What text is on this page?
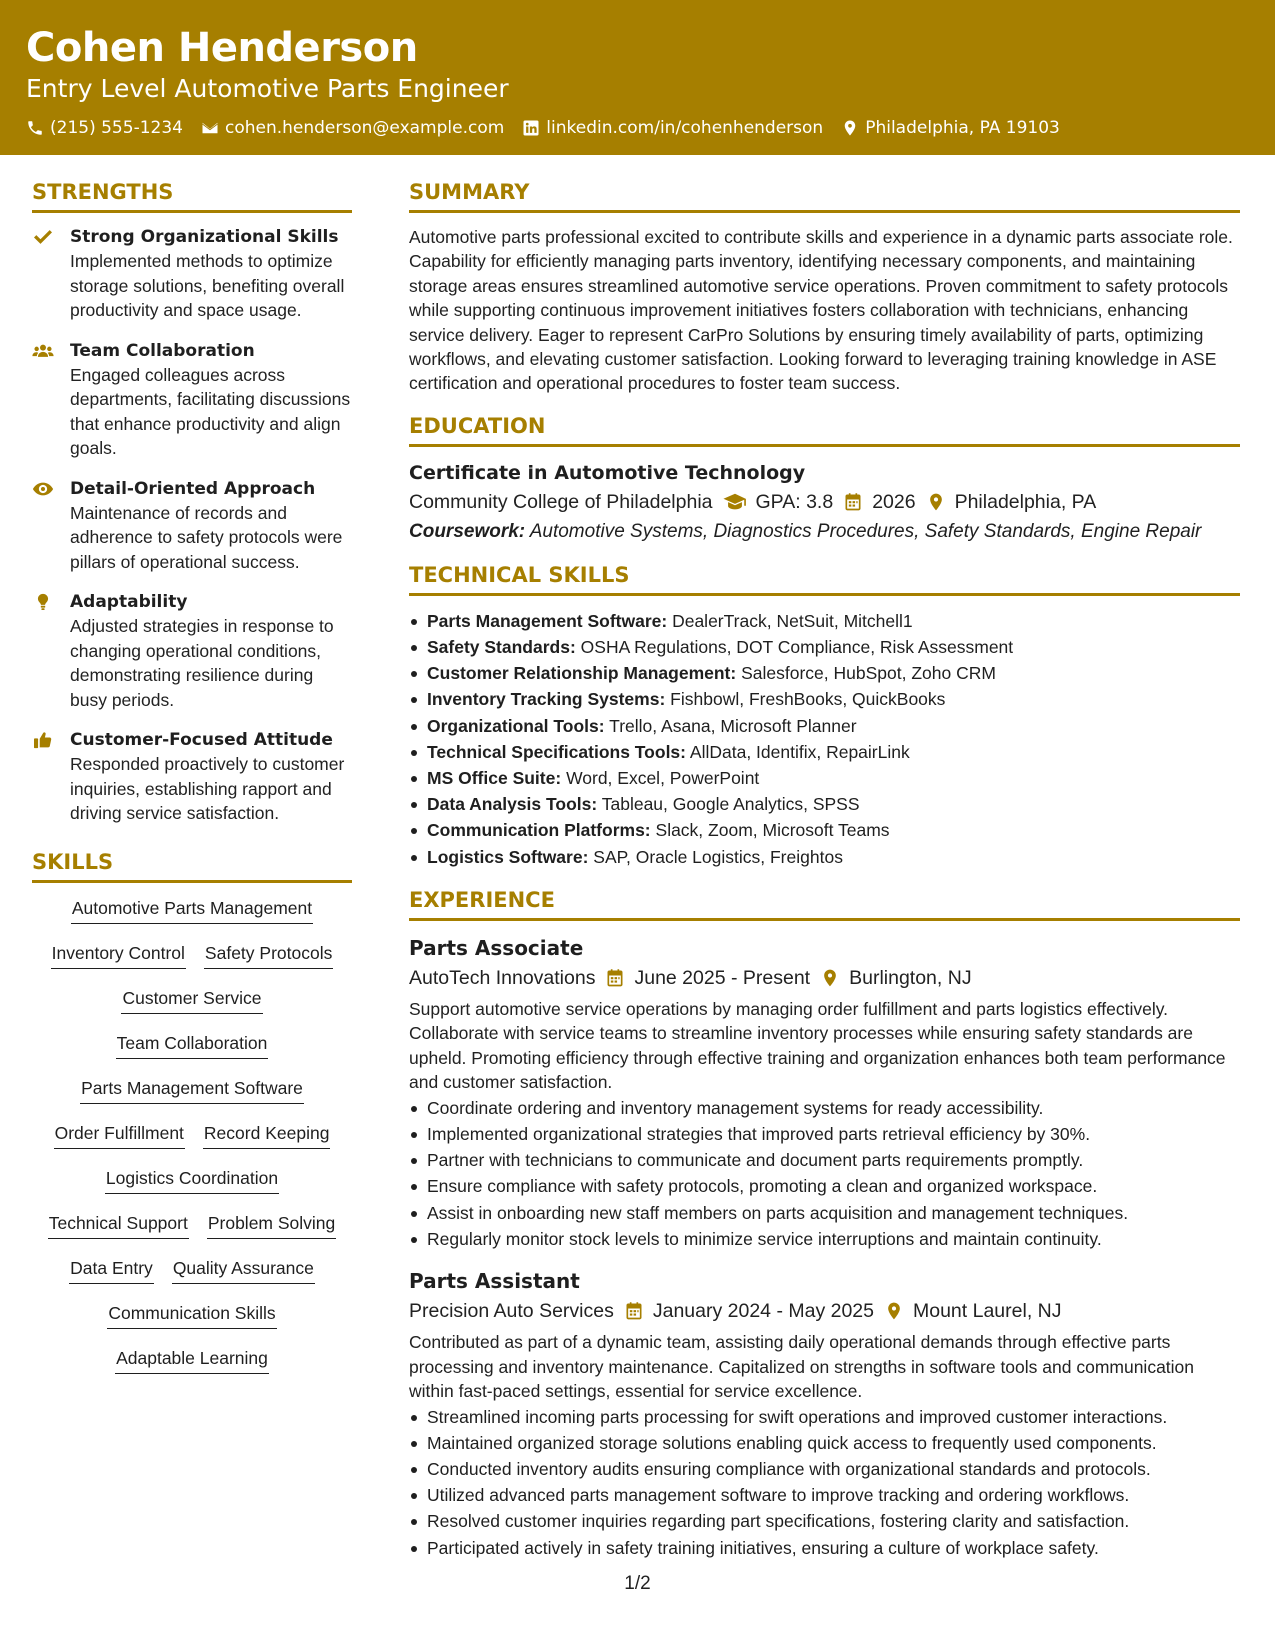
Cohen Henderson
Entry Level Automotive Parts Engineer
(215) 555-1234 cohen.henderson@example.com linkedin.com/in/cohenhenderson Philadelphia, PA 19103
STRENGTHS
Strong Organizational Skills
Implemented methods to optimize storage solutions, benefiting overall productivity and space usage.
Team Collaboration
Engaged colleagues across departments, facilitating discussions that enhance productivity and align goals.
Detail-Oriented Approach
Maintenance of records and adherence to safety protocols were pillars of operational success.
Adaptability
Adjusted strategies in response to changing operational conditions, demonstrating resilience during busy periods.
Customer-Focused Attitude
Responded proactively to customer inquiries, establishing rapport and driving service satisfaction.
SKILLS
Automotive Parts Management
Inventory Control Safety Protocols
Customer Service
Team Collaboration
Parts Management Software
Order Fulfillment Record Keeping
Logistics Coordination
Technical Support Problem Solving
Data Entry Quality Assurance
Communication Skills
Adaptable Learning
SUMMARY
Automotive parts professional excited to contribute skills and experience in a dynamic parts associate role. Capability for efficiently managing parts inventory, identifying necessary components, and maintaining storage areas ensures streamlined automotive service operations. Proven commitment to safety protocols while supporting continuous improvement initiatives fosters collaboration with technicians, enhancing service delivery. Eager to represent CarPro Solutions by ensuring timely availability of parts, optimizing workflows, and elevating customer satisfaction. Looking forward to leveraging training knowledge in ASE certification and operational procedures to foster team success.
EDUCATION
Certificate in Automotive Technology
Community College of Philadelphia GPA: 3.8 2026 Philadelphia, PA
Coursework: Automotive Systems, Diagnostics Procedures, Safety Standards, Engine Repair
TECHNICAL SKILLS
Parts Management Software: DealerTrack, NetSuit, Mitchell1
Safety Standards: OSHA Regulations, DOT Compliance, Risk Assessment
Customer Relationship Management: Salesforce, HubSpot, Zoho CRM
Inventory Tracking Systems: Fishbowl, FreshBooks, QuickBooks
Organizational Tools: Trello, Asana, Microsoft Planner
Technical Specifications Tools: AllData, Identifix, RepairLink
MS Office Suite: Word, Excel, PowerPoint
Data Analysis Tools: Tableau, Google Analytics, SPSS
Communication Platforms: Slack, Zoom, Microsoft Teams
Logistics Software: SAP, Oracle Logistics, Freightos
EXPERIENCE
Parts Associate
AutoTech Innovations June 2025 - Present Burlington, NJ
Support automotive service operations by managing order fulfillment and parts logistics effectively. Collaborate with service teams to streamline inventory processes while ensuring safety standards are upheld. Promoting efficiency through effective training and organization enhances both team performance and customer satisfaction.
Coordinate ordering and inventory management systems for ready accessibility.
Implemented organizational strategies that improved parts retrieval efficiency by 30%.
Partner with technicians to communicate and document parts requirements promptly.
Ensure compliance with safety protocols, promoting a clean and organized workspace.
Assist in onboarding new staff members on parts acquisition and management techniques.
Regularly monitor stock levels to minimize service interruptions and maintain continuity.
Parts Assistant
Precision Auto Services January 2024 - May 2025 Mount Laurel, NJ
Contributed as part of a dynamic team, assisting daily operational demands through effective parts processing and inventory maintenance. Capitalized on strengths in software tools and communication within fast-paced settings, essential for service excellence.
Streamlined incoming parts processing for swift operations and improved customer interactions.
Maintained organized storage solutions enabling quick access to frequently used components.
Conducted inventory audits ensuring compliance with organizational standards and protocols.
Utilized advanced parts management software to improve tracking and ordering workflows.
Resolved customer inquiries regarding part specifications, fostering clarity and satisfaction.
Participated actively in safety training initiatives, ensuring a culture of workplace safety.
1/2
